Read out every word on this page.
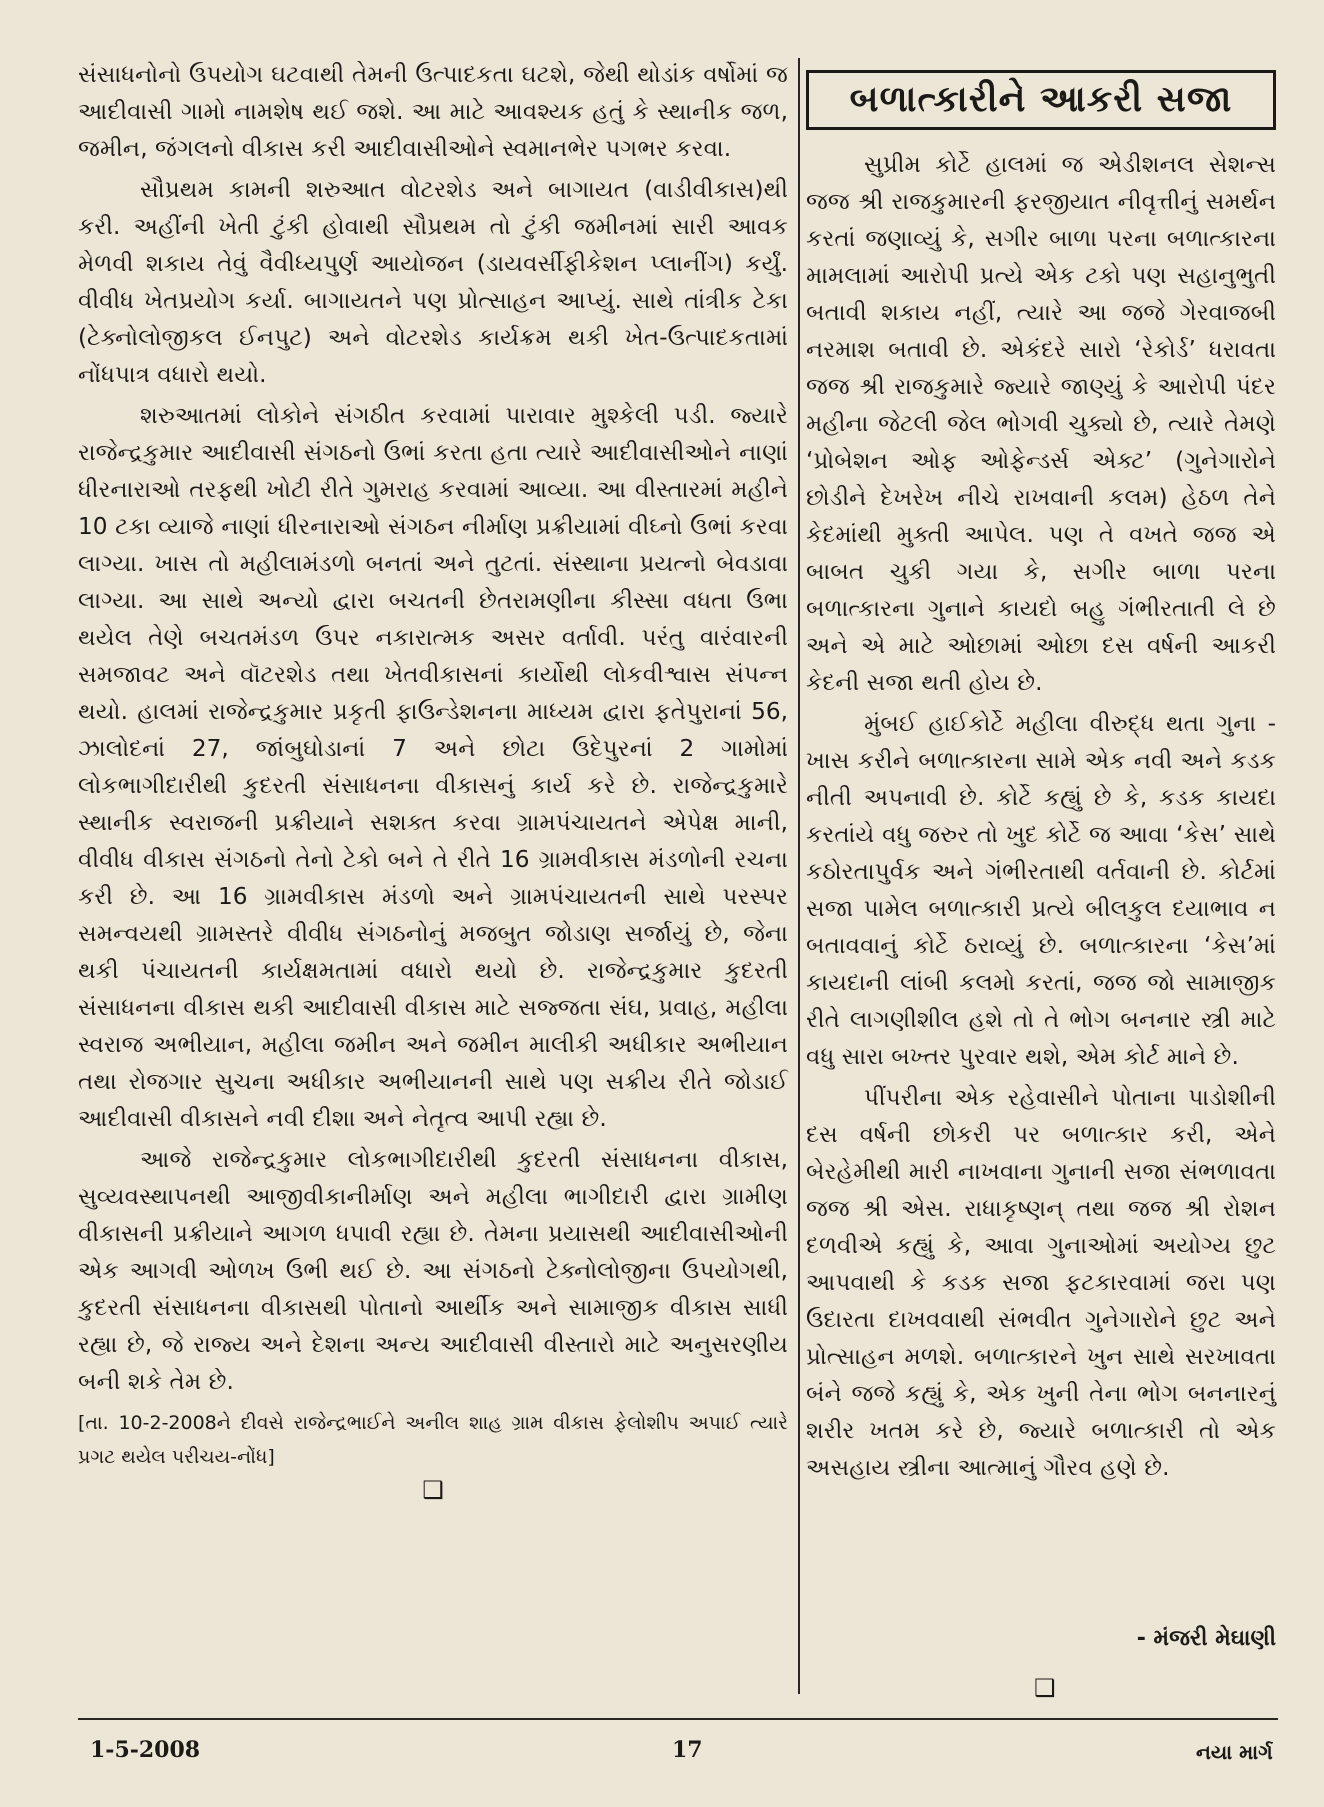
સંસાધનોનો ઉપયોગ ઘટવાથી તેમની ઉત્પાદકતા ઘટશે, જેથી થોડાંક વર્ષોમાં જ આદીવાસી ગામો નામશેષ થઈ જશે. આ માટે આવશ્યક હતું કે સ્થાનીક જળ, જમીન, જંગલનો વીકાસ કરી આદીવાસીઓને સ્વમાનભેર પગભર કરવા.

સૌપ્રથમ કામની શરુઆત વોટરશેડ અને બાગાયત (વાડીવીકાસ)થી કરી. અહીંની ખેતી ટુંકી હોવાથી સૌપ્રથમ તો ટુંકી જમીનમાં સારી આવક મેળવી શકાય તેવું વૈવીધ્યપુર્ણ આયોજન (ડાયવર્સીફીકેશન પ્લાનીંગ) કર્યું. વીવીધ ખેતપ્રયોગ કર્યા. બાગાયતને પણ પ્રોત્સાહન આપ્યું. સાથે તાંત્રીક ટેકા (ટેક્નોલોજીકલ ઈનપુટ) અને વોટરશેડ કાર્યક્રમ થકી ખેત-ઉત્પાદકતામાં નોંધપાત્ર વધારો થયો.

શરુઆતમાં લોકોને સંગઠીત કરવામાં પારાવાર મુશ્કેલી પડી. જ્યારે રાજેન્દ્રકુમાર આદીવાસી સંગઠનો ઉભાં કરતા હતા ત્યારે આદીવાસીઓને નાણાં ધીરનારાઓ તરફથી ખોટી રીતે ગુમરાહ કરવામાં આવ્યા. આ વીસ્તારમાં મહીને 10 ટકા વ્યાજે નાણાં ધીરનારાઓ સંગઠન નીર્માણ પ્રક્રીયામાં વીઘ્નો ઉભાં કરવા લાગ્યા. ખાસ તો મહીલામંડળો બનતાં અને તુટતાં. સંસ્થાના પ્રયત્નો બેવડાવા લાગ્યા. આ સાથે અન્યો દ્વારા બચતની છેતરામણીના કીસ્સા વધતા ઉભા થયેલ તેણે બચતમંડળ ઉપર નકારાત્મક અસર વર્તાવી. પરંતુ વારંવારની સમજાવટ અને વૉટરશેડ તથા ખેતવીકાસનાં કાર્યોથી લોકવીશ્વાસ સંપન્ન થયો. હાલમાં રાજેન્દ્રકુમાર પ્રકૃતી ફાઉન્ડેશનના માધ્યમ દ્વારા ફતેપુરાનાં 56, ઝાલોદનાં 27, જાંબુઘોડાનાં 7 અને છોટા ઉદેપુરનાં 2 ગામોમાં લોકભાગીદારીથી કુદરતી સંસાધનના વીકાસનું કાર્ય કરે છે. રાજેન્દ્રકુમારે સ્થાનીક સ્વરાજની પ્રક્રીયાને સશક્ત કરવા ગ્રામપંચાયતને એપેક્ષ માની, વીવીધ વીકાસ સંગઠનો તેનો ટેકો બને તે રીતે 16 ગ્રામવીકાસ મંડળોની રચના કરી છે. આ 16 ગ્રામવીકાસ મંડળો અને ગ્રામપંચાયતની સાથે પરસ્પર સમન્વયથી ગ્રામસ્તરે વીવીધ સંગઠનોનું મજબુત જોડાણ સર્જાયું છે, જેના થકી પંચાયતની કાર્યક્ષમતામાં વધારો થયો છે. રાજેન્દ્રકુમાર કુદરતી સંસાધનના વીકાસ થકી આદીવાસી વીકાસ માટે સજ્જતા સંઘ, પ્રવાહ, મહીલા સ્વરાજ અભીયાન, મહીલા જમીન અને જમીન માલીકી અધીકાર અભીયાન તથા રોજગાર સુચના અધીકાર અભીયાનની સાથે પણ સક્રીય રીતે જોડાઈ આદીવાસી વીકાસને નવી દીશા અને નેતૃત્વ આપી રહ્યા છે.

આજે રાજેન્દ્રકુમાર લોકભાગીદારીથી કુદરતી સંસાધનના વીકાસ, સુવ્યવસ્થાપનથી આજીવીકાનીર્માણ અને મહીલા ભાગીદારી દ્વારા ગ્રામીણ વીકાસની પ્રક્રીયાને આગળ ધપાવી રહ્યા છે. તેમના પ્રયાસથી આદીવાસીઓની એક આગવી ઓળખ ઉભી થઈ છે. આ સંગઠનો ટેક્નોલોજીના ઉપયોગથી, કુદરતી સંસાધનના વીકાસથી પોતાનો આર્થીક અને સામાજીક વીકાસ સાધી રહ્યા છે, જે રાજ્ય અને દેશના અન્ય આદીવાસી વીસ્તારો માટે અનુસરણીય બની શકે તેમ છે.

[તા. 10-2-2008ને દીવસે રાજેન્દ્રભાઈને અનીલ શાહ ગ્રામ વીકાસ ફેલોશીપ અપાઈ ત્યારે પ્રગટ થયેલ પરીચય-નોંધ]

❑
બળાત્કારીને આકરી સજા

સુપ્રીમ કોર્ટે હાલમાં જ એડીશનલ સેશન્સ જજ શ્રી રાજકુમારની ફરજીયાત નીવૃત્તીનું સમર્થન કરતાં જણાવ્યું કે, સગીર બાળા પરના બળાત્કારના મામલામાં આરોપી પ્રત્યે એક ટકો પણ સહાનુભુતી બતાવી શકાય નહીં, ત્યારે આ જજે ગેરવાજબી નરમાશ બતાવી છે. એકંદરે સારો ‘રેકોર્ડ’ ધરાવતા જજ શ્રી રાજકુમારે જ્યારે જાણ્યું કે આરોપી પંદર મહીના જેટલી જેલ ભોગવી ચુક્યો છે, ત્યારે તેમણે ‘પ્રોબેશન ઓફ ઓફેન્ડર્સ એક્ટ’ (ગુનેગારોને છોડીને દેખરેખ નીચે રાખવાની કલમ) હેઠળ તેને કેદમાંથી મુક્તી આપેલ. પણ તે વખતે જજ એ બાબત ચુકી ગયા કે, સગીર બાળા પરના બળાત્કારના ગુનાને કાયદો બહુ ગંભીરતાતી લે છે અને એ માટે ઓછામાં ઓછા દસ વર્ષની આકરી કેદની સજા થતી હોય છે.

મુંબઈ હાઈકોર્ટે મહીલા વીરુદ્ધ થતા ગુના - ખાસ કરીને બળાત્કારના સામે એક નવી અને કડક નીતી અપનાવી છે. કોર્ટે કહ્યું છે કે, કડક કાયદા કરતાંયે વધુ જરુર તો ખુદ કોર્ટે જ આવા ‘કેસ’ સાથે કઠોરતાપુર્વક અને ગંભીરતાથી વર્તવાની છે. કોર્ટમાં સજા પામેલ બળાત્કારી પ્રત્યે બીલકુલ દયાભાવ ન બતાવવાનું કોર્ટે ઠરાવ્યું છે. બળાત્કારના ‘કેસ’માં કાયદાની લાંબી કલમો કરતાં, જજ જો સામાજીક રીતે લાગણીશીલ હશે તો તે ભોગ બનનાર સ્ત્રી માટે વધુ સારા બખ્તર પુરવાર થશે, એમ કોર્ટ માને છે.

પીંપરીના એક રહેવાસીને પોતાના પાડોશીની દસ વર્ષની છોકરી પર બળાત્કાર કરી, એને બેરહેમીથી મારી નાખવાના ગુનાની સજા સંભળાવતા જજ શ્રી એસ. રાધાકૃષ્ણન્ તથા જજ શ્રી રોશન દળવીએ કહ્યું કે, આવા ગુનાઓમાં અયોગ્ય છુટ આપવાથી કે કડક સજા ફટકારવામાં જરા પણ ઉદારતા દાખવવાથી સંભવીત ગુનેગારોને છુટ અને પ્રોત્સાહન મળશે. બળાત્કારને ખુન સાથે સરખાવતા બંને જજે કહ્યું કે, એક ખુની તેના ભોગ બનનારનું શરીર ખતમ કરે છે, જ્યારે બળાત્કારી તો એક અસહાય સ્ત્રીના આત્માનું ગૌરવ હણે છે.

❑
- મંજરી મેઘાણી
1-5-2008	17	નયા માર્ગ
